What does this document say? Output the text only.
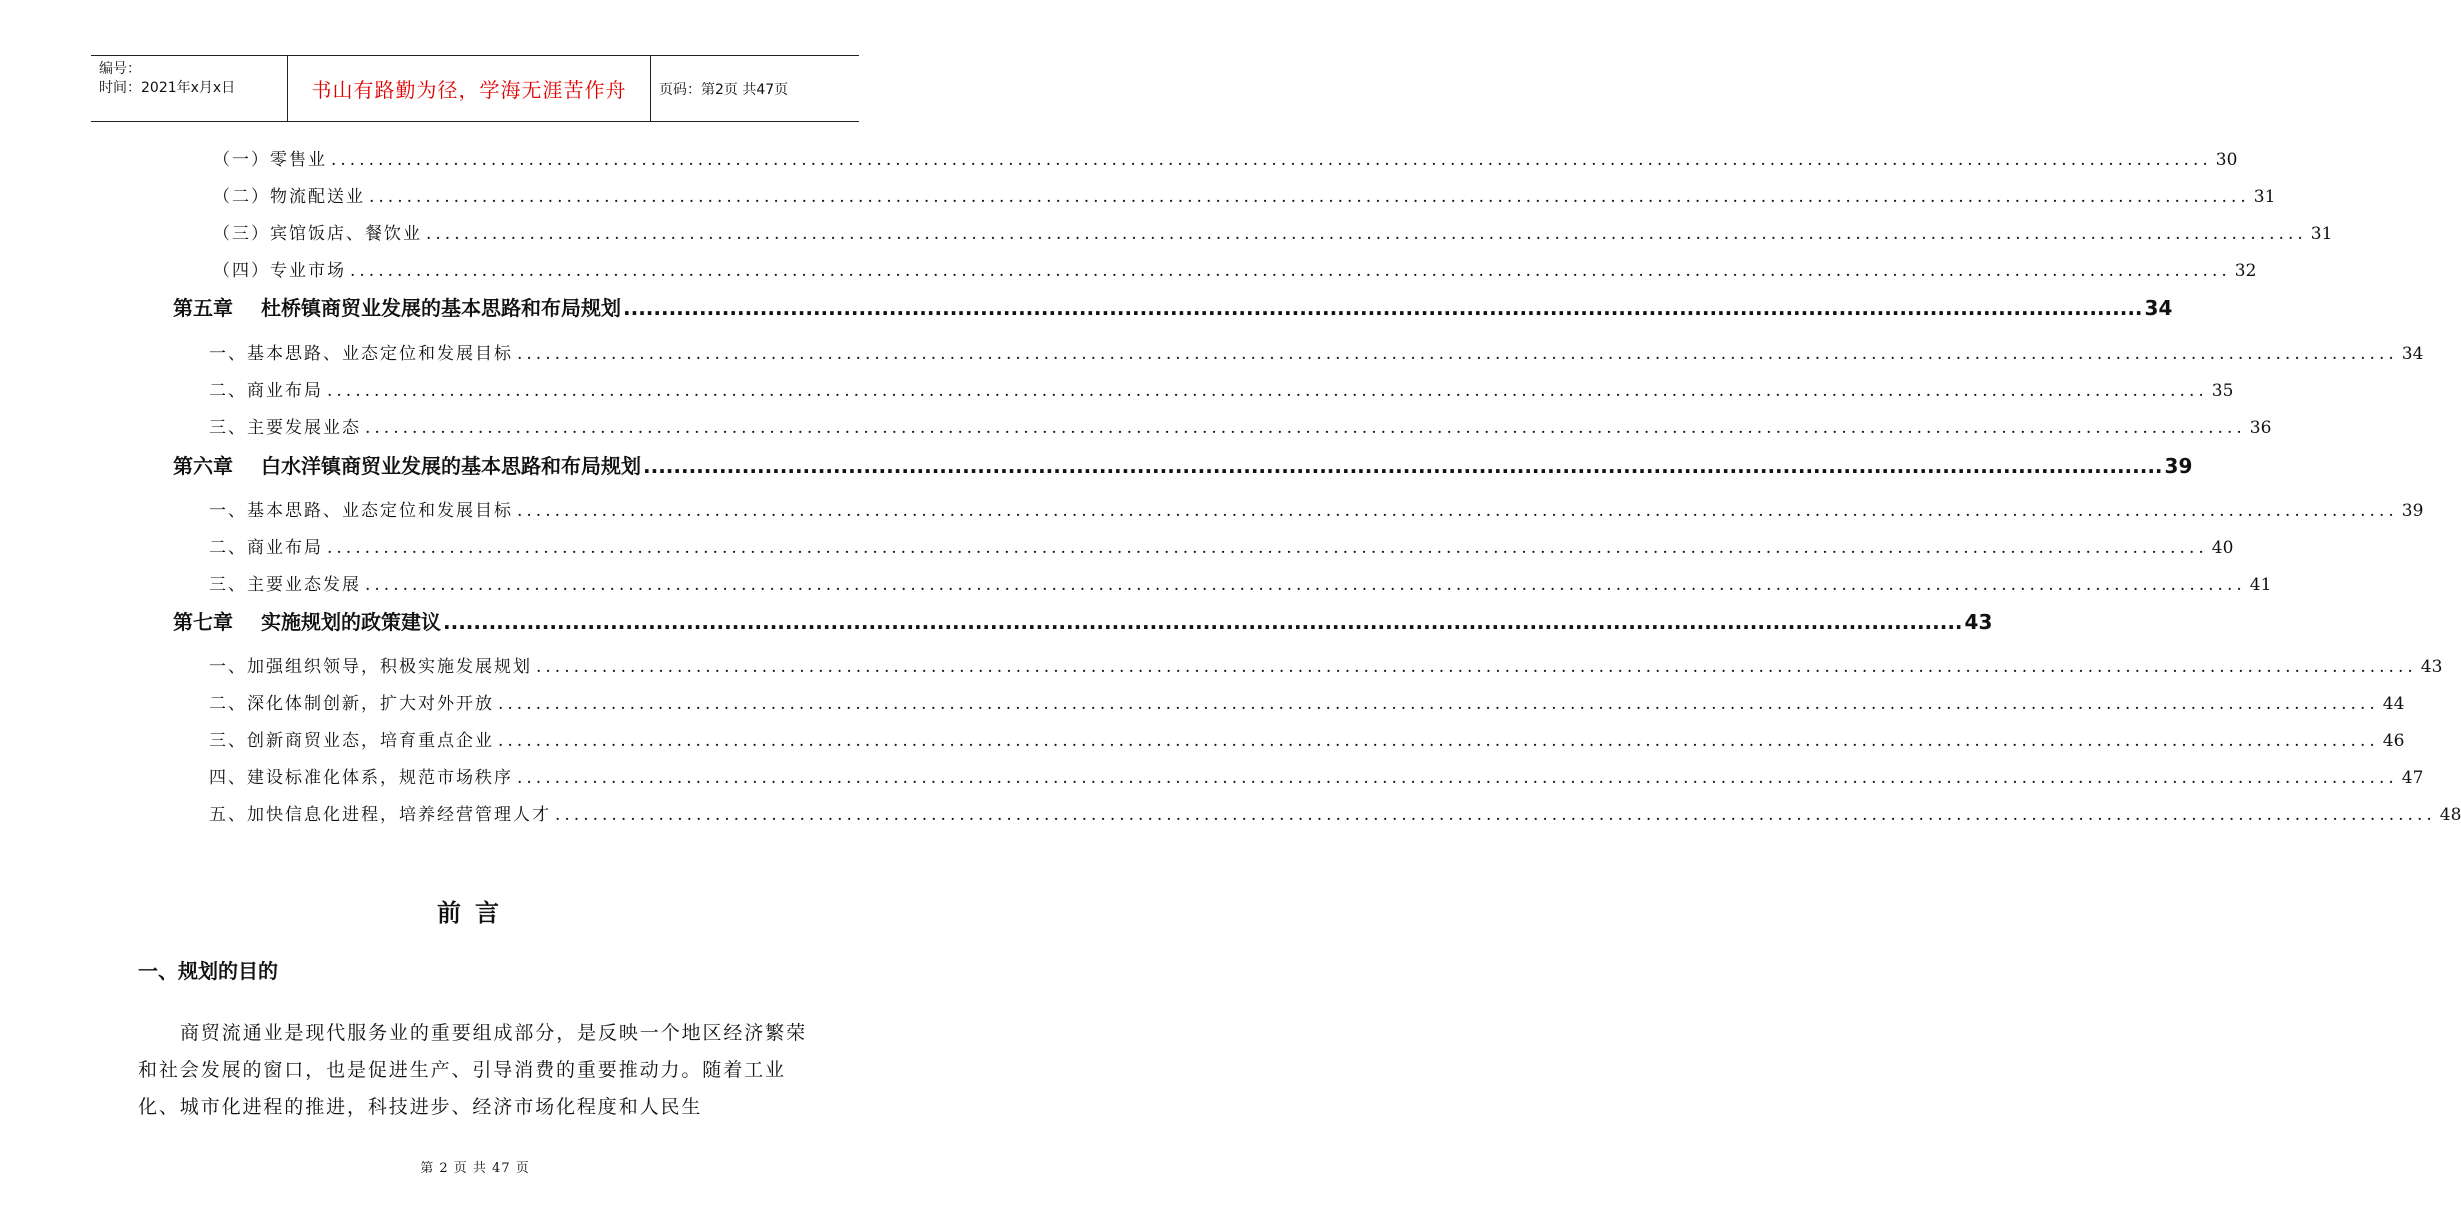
编号：
时间：2021年x月x日	书山有路勤为径，学海无涯苦作舟	页码：第2页 共47页
（一）零售业 ........................................................................................................................................................................................................ 30
（二）物流配送业 ........................................................................................................................................................................................................ 31
（三）宾馆饭店、餐饮业 ........................................................................................................................................................................................................ 31
（四）专业市场 ........................................................................................................................................................................................................ 32
第五章 杜桥镇商贸业发展的基本思路和布局规划 ........................................................................................................................................................................................................ 34
一、基本思路、业态定位和发展目标 ........................................................................................................................................................................................................ 34
二、商业布局 ........................................................................................................................................................................................................ 35
三、主要发展业态 ........................................................................................................................................................................................................ 36
第六章 白水洋镇商贸业发展的基本思路和布局规划 ........................................................................................................................................................................................................ 39
一、基本思路、业态定位和发展目标 ........................................................................................................................................................................................................ 39
二、商业布局 ........................................................................................................................................................................................................ 40
三、主要业态发展 ........................................................................................................................................................................................................ 41
第七章 实施规划的政策建议 ........................................................................................................................................................................................................ 43
一、加强组织领导，积极实施发展规划 ........................................................................................................................................................................................................ 43
二、深化体制创新，扩大对外开放 ........................................................................................................................................................................................................ 44
三、创新商贸业态，培育重点企业 ........................................................................................................................................................................................................ 46
四、建设标准化体系，规范市场秩序 ........................................................................................................................................................................................................ 47
五、加快信息化进程，培养经营管理人才 ........................................................................................................................................................................................................ 48
前言
一、规划的目的
商贸流通业是现代服务业的重要组成部分，是反映一个地区经济繁荣和社会发展的窗口，也是促进生产、引导消费的重要推动力。随着工业化、城市化进程的推进，科技进步、经济市场化程度和人民生
第 2 页 共 47 页
